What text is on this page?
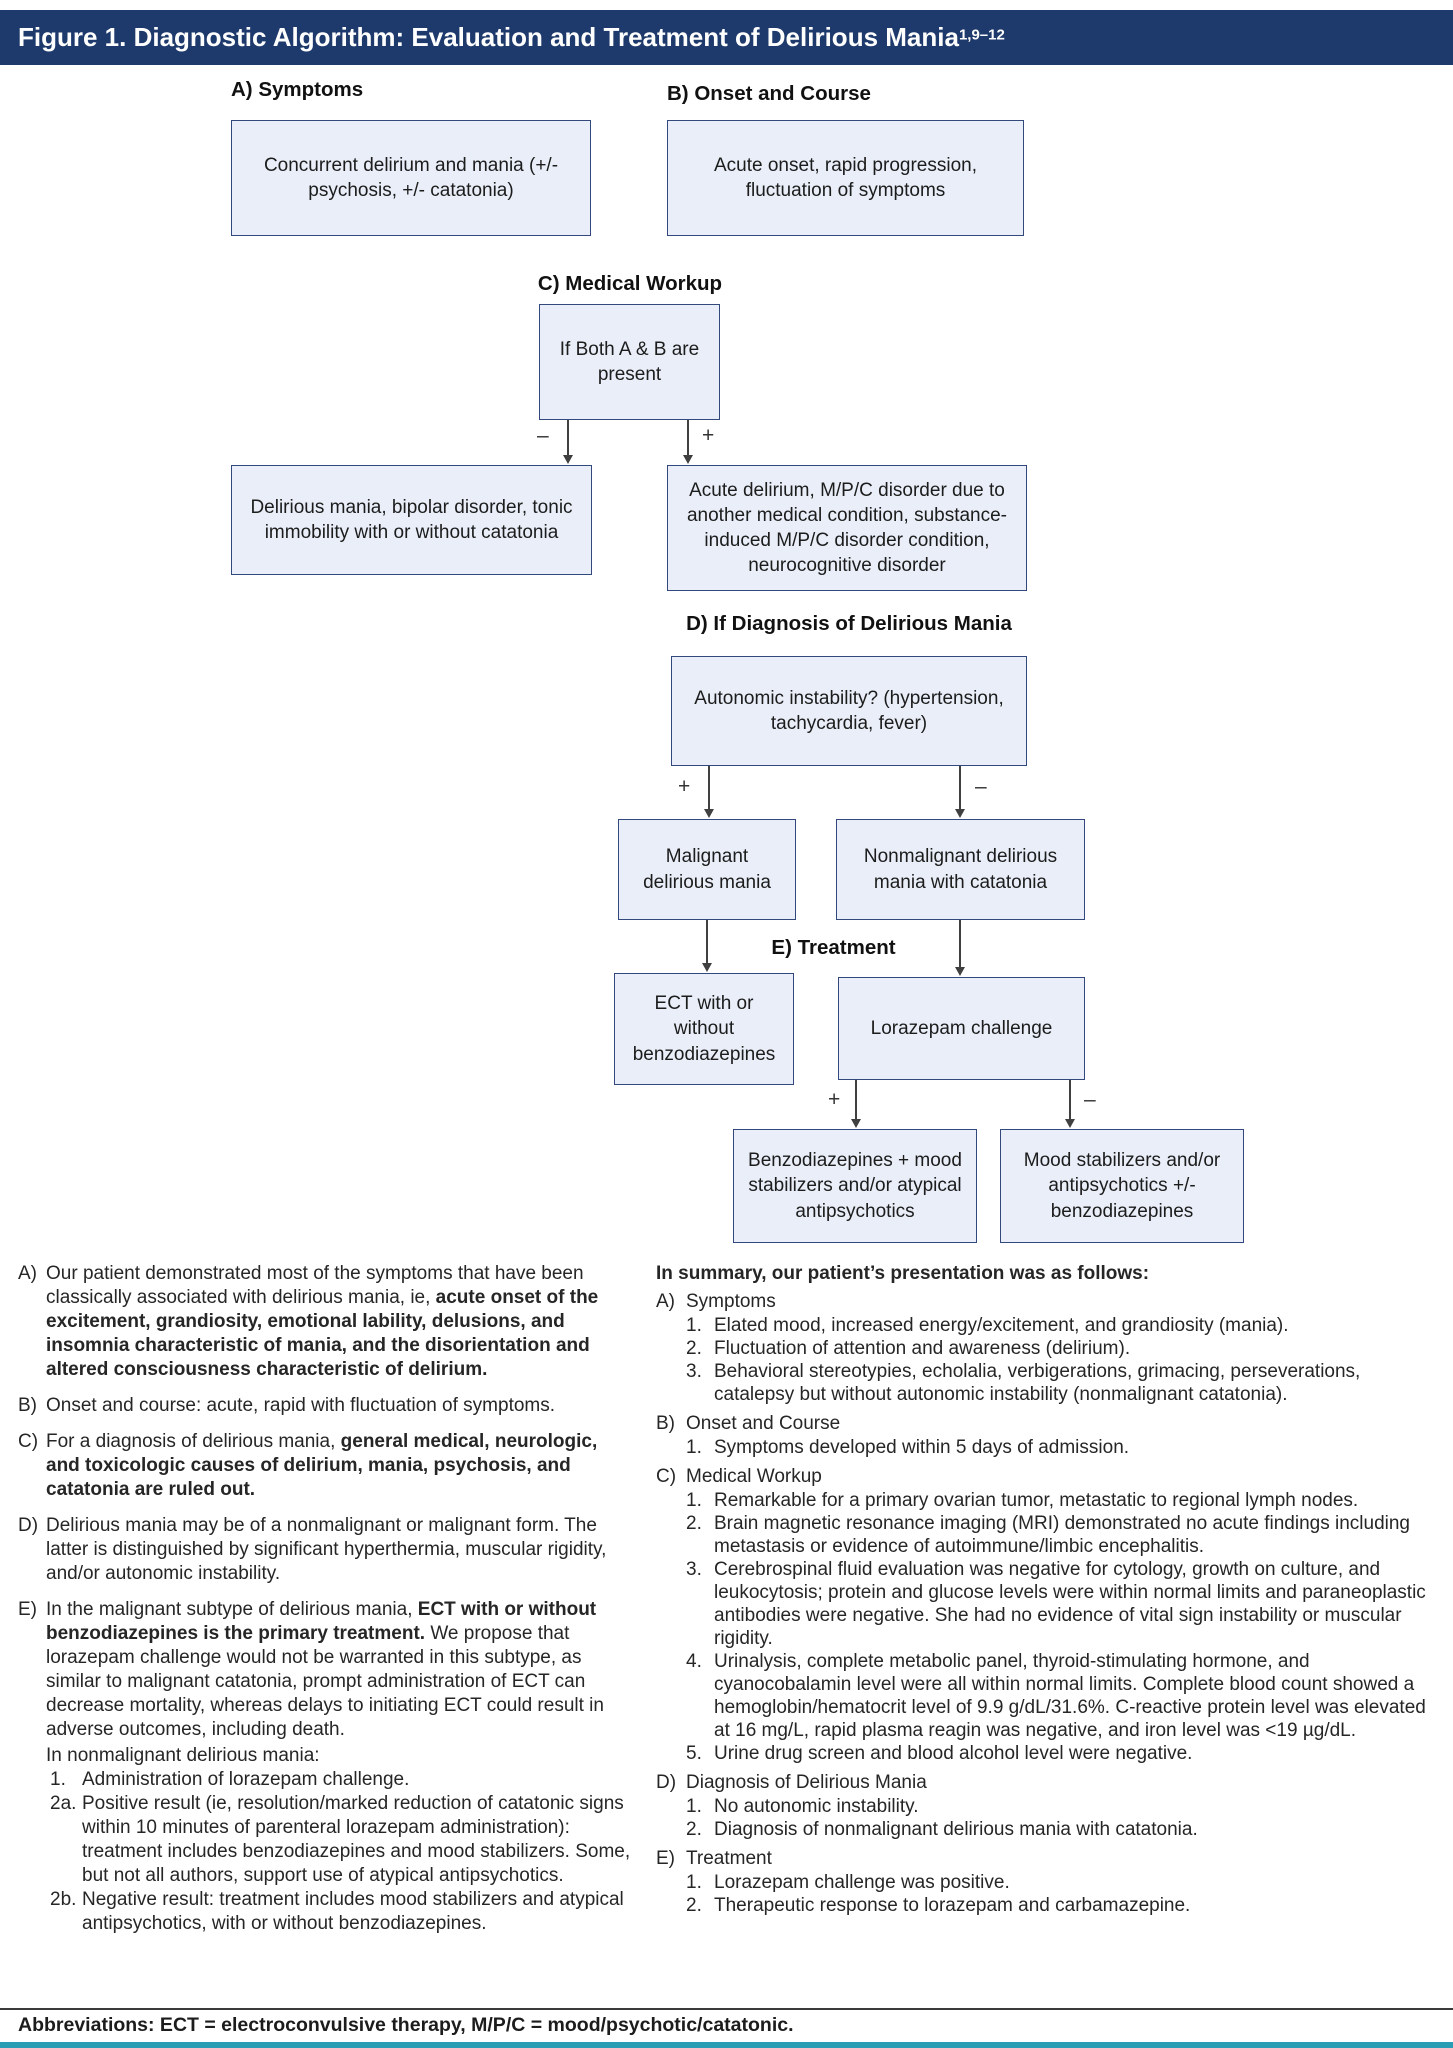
Figure 1. Diagnostic Algorithm: Evaluation and Treatment of Delirious Mania$^{1,9-12}$
A) Symptoms	B) Onset and Course
C) Medical Workup
D) If Diagnosis of Delirious Mania
E) Treatment
Concurrent delirium and mania (+/- psychosis, +/- catatonia)
Acute onset, rapid progression, fluctuation of symptoms
If Both A & B are present
Delirious mania, bipolar disorder, tonic immobility with or without catatonia
Acute delirium, M/P/C disorder due to another medical condition, substance-induced M/P/C disorder condition, neurocognitive disorder
Autonomic instability? (hypertension, tachycardia, fever)
Malignant delirious mania
Nonmalignant delirious mania with catatonia
ECT with or without benzodiazepines
Lorazepam challenge
Benzodiazepines + mood stabilizers and/or atypical antipsychotics
Mood stabilizers and/or antipsychotics +/- benzodiazepines
–	+
+	–
+	–
A) Our patient demonstrated most of the symptoms that have been classically associated with delirious mania, ie, acute onset of the excitement, grandiosity, emotional lability, delusions, and insomnia characteristic of mania, and the disorientation and altered consciousness characteristic of delirium.
B) Onset and course: acute, rapid with fluctuation of symptoms.
C) For a diagnosis of delirious mania, general medical, neurologic, and toxicologic causes of delirium, mania, psychosis, and catatonia are ruled out.
D) Delirious mania may be of a nonmalignant or malignant form. The latter is distinguished by significant hyperthermia, muscular rigidity, and/or autonomic instability.
E) In the malignant subtype of delirious mania, ECT with or without benzodiazepines is the primary treatment. We propose that lorazepam challenge would not be warranted in this subtype, as similar to malignant catatonia, prompt administration of ECT can decrease mortality, whereas delays to initiating ECT could result in adverse outcomes, including death.
In nonmalignant delirious mania:
1. Administration of lorazepam challenge.
2a. Positive result (ie, resolution/marked reduction of catatonic signs within 10 minutes of parenteral lorazepam administration): treatment includes benzodiazepines and mood stabilizers. Some, but not all authors, support use of atypical antipsychotics.
2b. Negative result: treatment includes mood stabilizers and atypical antipsychotics, with or without benzodiazepines.
In summary, our patient’s presentation was as follows:
A) Symptoms
1. Elated mood, increased energy/excitement, and grandiosity (mania).
2. Fluctuation of attention and awareness (delirium).
3. Behavioral stereotypies, echolalia, verbigerations, grimacing, perseverations, catalepsy but without autonomic instability (nonmalignant catatonia).
B) Onset and Course
1. Symptoms developed within 5 days of admission.
C) Medical Workup
1. Remarkable for a primary ovarian tumor, metastatic to regional lymph nodes.
2. Brain magnetic resonance imaging (MRI) demonstrated no acute findings including metastasis or evidence of autoimmune/limbic encephalitis.
3. Cerebrospinal fluid evaluation was negative for cytology, growth on culture, and leukocytosis; protein and glucose levels were within normal limits and paraneoplastic antibodies were negative. She had no evidence of vital sign instability or muscular rigidity.
4. Urinalysis, complete metabolic panel, thyroid-stimulating hormone, and cyanocobalamin level were all within normal limits. Complete blood count showed a hemoglobin/hematocrit level of 9.9 g/dL/31.6%. C-reactive protein level was elevated at 16 mg/L, rapid plasma reagin was negative, and iron level was <19 µg/dL.
5. Urine drug screen and blood alcohol level were negative.
D) Diagnosis of Delirious Mania
1. No autonomic instability.
2. Diagnosis of nonmalignant delirious mania with catatonia.
E) Treatment
1. Lorazepam challenge was positive.
2. Therapeutic response to lorazepam and carbamazepine.
Abbreviations: ECT = electroconvulsive therapy, M/P/C = mood/psychotic/catatonic.
